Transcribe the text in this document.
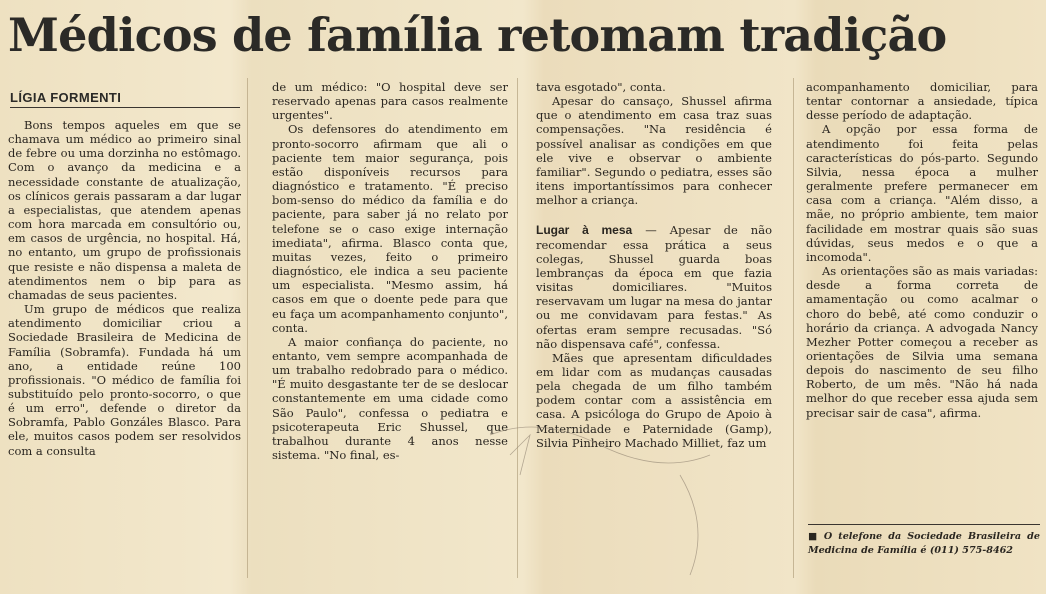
Médicos de família retomam tradição
LÍGIA FORMENTI

Bons tempos aqueles em que se chamava um médico ao primeiro sinal de febre ou uma dorzinha no estômago. Com o avanço da medicina e a necessidade constante de atualização, os clínicos gerais passaram a dar lugar a especialistas, que atendem apenas com hora marcada em consultório ou, em casos de urgência, no hospital. Há, no entanto, um grupo de profissionais que resiste e não dispensa a maleta de atendimentos nem o bip para as chamadas de seus pacientes.

Um grupo de médicos que realiza atendimento domiciliar criou a Sociedade Brasileira de Medicina de Família (Sobramfa). Fundada há um ano, a entidade reúne 100 profissionais. "O médico de família foi substituído pelo pronto-socorro, o que é um erro", defende o diretor da Sobramfa, Pablo Gonzáles Blasco. Para ele, muitos casos podem ser resolvidos com a consulta

de um médico: "O hospital deve ser reservado apenas para casos realmente urgentes".

Os defensores do atendimento em pronto-socorro afirmam que ali o paciente tem maior segurança, pois estão disponíveis recursos para diagnóstico e tratamento. "É preciso bom-senso do médico da família e do paciente, para saber já no relato por telefone se o caso exige internação imediata", afirma. Blasco conta que, muitas vezes, feito o primeiro diagnóstico, ele indica a seu paciente um especialista. "Mesmo assim, há casos em que o doente pede para que eu faça um acompanhamento conjunto", conta.

A maior confiança do paciente, no entanto, vem sempre acompanhada de um trabalho redobrado para o médico. "É muito desgastante ter de se deslocar constantemente em uma cidade como São Paulo", confessa o pediatra e psicoterapeuta Eric Shussel, que trabalhou durante 4 anos nesse sistema. "No final, es-

tava esgotado", conta.

Apesar do cansaço, Shussel afirma que o atendimento em casa traz suas compensações. "Na residência é possível analisar as condições em que ele vive e observar o ambiente familiar". Segundo o pediatra, esses são itens importantíssimos para conhecer melhor a criança.

Lugar à mesa — Apesar de não recomendar essa prática a seus colegas, Shussel guarda boas lembranças da época em que fazia visitas domiciliares. "Muitos reservavam um lugar na mesa do jantar ou me convidavam para festas." As ofertas eram sempre recusadas. "Só não dispensava café", confessa.

Mães que apresentam dificuldades em lidar com as mudanças causadas pela chegada de um filho também podem contar com a assistência em casa. A psicóloga do Grupo de Apoio à Maternidade e Paternidade (Gamp), Silvia Pinheiro Machado Milliet, faz um

acompanhamento domiciliar, para tentar contornar a ansiedade, típica desse período de adaptação.

A opção por essa forma de atendimento foi feita pelas características do pós-parto. Segundo Silvia, nessa época a mulher geralmente prefere permanecer em casa com a criança. "Além disso, a mãe, no próprio ambiente, tem maior facilidade em mostrar quais são suas dúvidas, seus medos e o que a incomoda".

As orientações são as mais variadas: desde a forma correta de amamentação ou como acalmar o choro do bebê, até como conduzir o horário da criança. A advogada Nancy Mezher Potter começou a receber as orientações de Silvia uma semana depois do nascimento de seu filho Roberto, de um mês. "Não há nada melhor do que receber essa ajuda sem precisar sair de casa", afirma.

■ O telefone da Sociedade Brasileira de Medicina de Família é (011) 575-8462
